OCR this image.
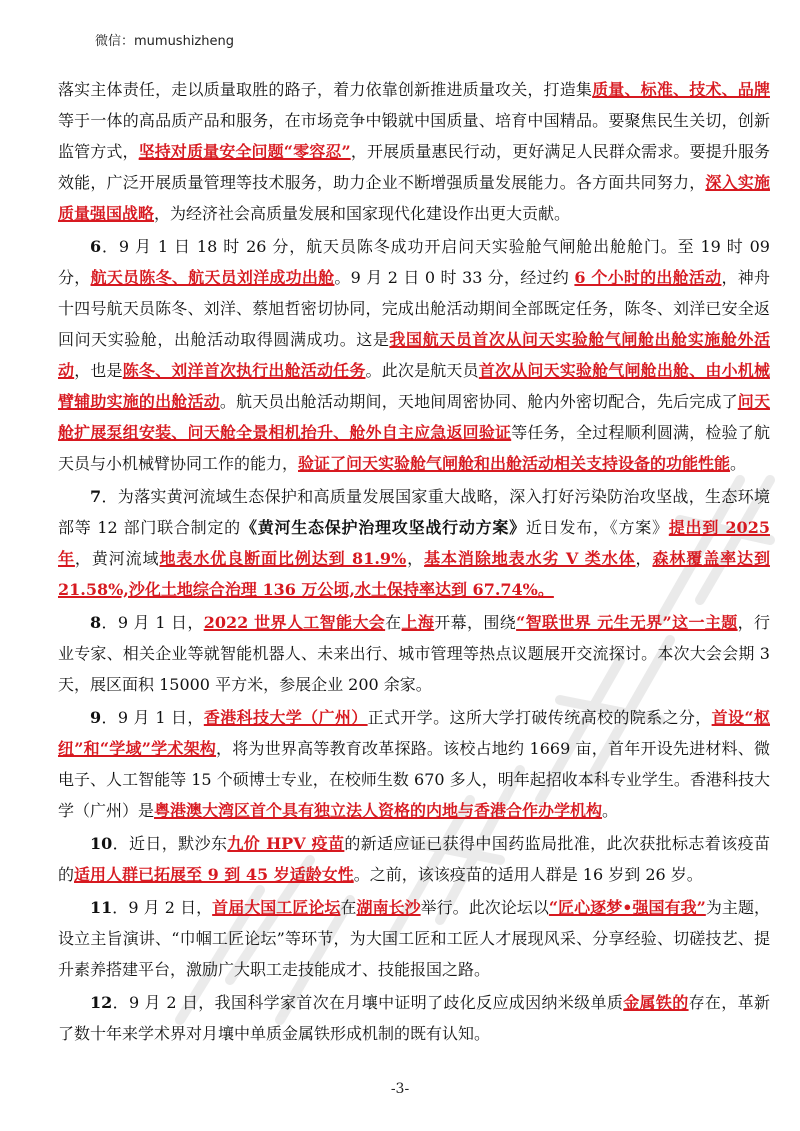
微信：mumushizheng

落实主体责任，走以质量取胜的路子，着力依靠创新推进质量攻关，打造集质量、标准、技术、品牌等于一体的高品质产品和服务，在市场竞争中锻就中国质量、培育中国精品。要聚焦民生关切，创新监管方式，坚持对质量安全问题“零容忍”，开展质量惠民行动，更好满足人民群众需求。要提升服务效能，广泛开展质量管理等技术服务，助力企业不断增强质量发展能力。各方面共同努力，深入实施质量强国战略，为经济社会高质量发展和国家现代化建设作出更大贡献。

6．9 月 1 日 18 时 26 分，航天员陈冬成功开启问天实验舱气闸舱出舱舱门。至 19 时 09 分，航天员陈冬、航天员刘洋成功出舱。9 月 2 日 0 时 33 分，经过约 6 个小时的出舱活动，神舟十四号航天员陈冬、刘洋、蔡旭哲密切协同，完成出舱活动期间全部既定任务，陈冬、刘洋已安全返回问天实验舱，出舱活动取得圆满成功。这是我国航天员首次从问天实验舱气闸舱出舱实施舱外活动，也是陈冬、刘洋首次执行出舱活动任务。此次是航天员首次从问天实验舱气闸舱出舱、由小机械臂辅助实施的出舱活动。航天员出舱活动期间，天地间周密协同、舱内外密切配合，先后完成了问天舱扩展泵组安装、问天舱全景相机抬升、舱外自主应急返回验证等任务，全过程顺利圆满，检验了航天员与小机械臂协同工作的能力，验证了问天实验舱气闸舱和出舱活动相关支持设备的功能性能。

7．为落实黄河流域生态保护和高质量发展国家重大战略，深入打好污染防治攻坚战，生态环境部等 12 部门联合制定的《黄河生态保护治理攻坚战行动方案》近日发布，《方案》提出到 2025 年，黄河流域地表水优良断面比例达到 81.9%，基本消除地表水劣 V 类水体，森林覆盖率达到 21.58%,沙化土地综合治理 136 万公顷,水土保持率达到 67.74%。

8．9 月 1 日，2022 世界人工智能大会在上海开幕，围绕“智联世界 元生无界”这一主题，行业专家、相关企业等就智能机器人、未来出行、城市管理等热点议题展开交流探讨。本次大会会期 3 天，展区面积 15000 平方米，参展企业 200 余家。

9．9 月 1 日，香港科技大学（广州）正式开学。这所大学打破传统高校的院系之分，首设“枢纽”和“学域”学术架构，将为世界高等教育改革探路。该校占地约 1669 亩，首年开设先进材料、微电子、人工智能等 15 个硕博士专业，在校师生数 670 多人，明年起招收本科专业学生。香港科技大学（广州）是粤港澳大湾区首个具有独立法人资格的内地与香港合作办学机构。

10．近日，默沙东九价 HPV 疫苗的新适应证已获得中国药监局批准，此次获批标志着该疫苗的适用人群已拓展至 9 到 45 岁适龄女性。之前，该该疫苗的适用人群是 16 岁到 26 岁。

11．9 月 2 日，首届大国工匠论坛在湖南长沙举行。此次论坛以“匠心逐梦•强国有我”为主题，设立主旨演讲、“巾帼工匠论坛”等环节，为大国工匠和工匠人才展现风采、分享经验、切磋技艺、提升素养搭建平台，激励广大职工走技能成才、技能报国之路。

12．9 月 2 日，我国科学家首次在月壤中证明了歧化反应成因纳米级单质金属铁的存在，革新了数十年来学术界对月壤中单质金属铁形成机制的既有认知。

-3-
